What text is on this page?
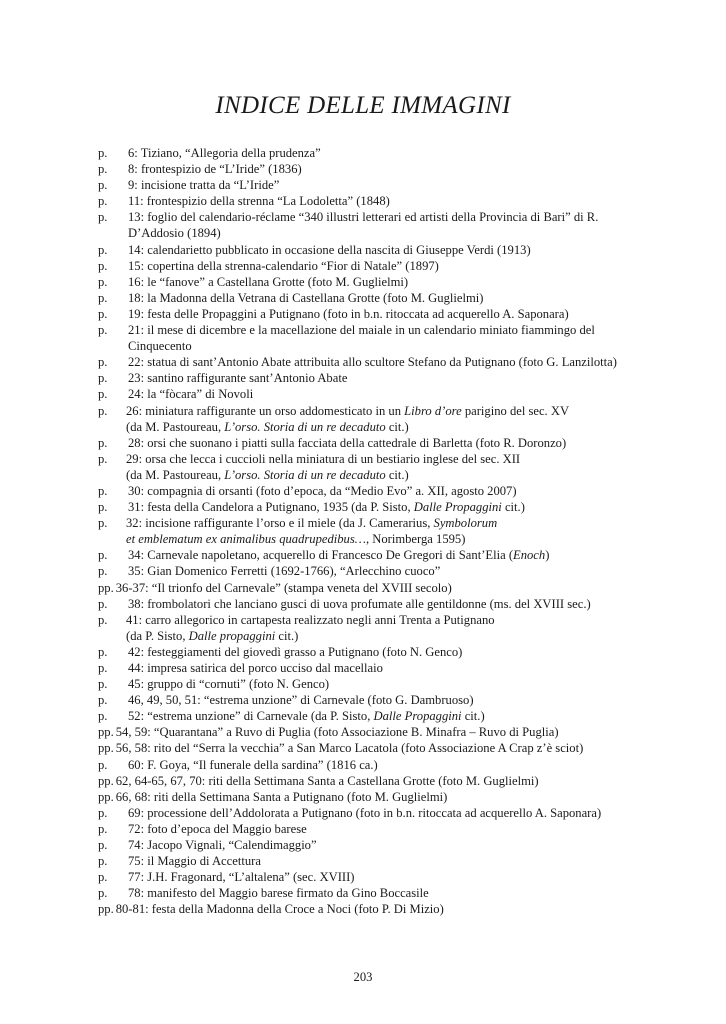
INDICE DELLE IMMAGINI
p.	6: Tiziano, “Allegoria della prudenza”
p.	8: frontespizio de “L’Iride” (1836)
p.	9: incisione tratta da “L’Iride”
p.	11: frontespizio della strenna “La Lodoletta” (1848)
p.	13: foglio del calendario-réclame “340 illustri letterari ed artisti della Provincia di Bari” di R. D’Addosio (1894)
p.	14: calendarietto pubblicato in occasione della nascita di Giuseppe Verdi (1913)
p.	15: copertina della strenna-calendario “Fior di Natale” (1897)
p.	16: le “fanove” a Castellana Grotte (foto M. Guglielmi)
p.	18: la Madonna della Vetrana di Castellana Grotte (foto M. Guglielmi)
p.	19: festa delle Propaggini a Putignano (foto in b.n. ritoccata ad acquerello A. Saponara)
p.	21: il mese di dicembre e la macellazione del maiale in un calendario miniato fiammingo del Cinquecento
p.	22: statua di sant’Antonio Abate attribuita allo scultore Stefano da Putignano (foto G. Lanzilotta)
p.	23: santino raffigurante sant’Antonio Abate
p.	24: la “fòcara” di Novoli
p.	26: miniatura raffigurante un orso addomesticato in un Libro d’ore parigino del sec. XV
(da M. Pastoureau, L’orso. Storia di un re decaduto cit.)
p.	28: orsi che suonano i piatti sulla facciata della cattedrale di Barletta (foto R. Doronzo)
p.	29: orsa che lecca i cuccioli nella miniatura di un bestiario inglese del sec. XII
(da M. Pastoureau, L’orso. Storia di un re decaduto cit.)
p.	30: compagnia di orsanti (foto d’epoca, da “Medio Evo” a. XII, agosto 2007)
p.	31: festa della Candelora a Putignano, 1935 (da P. Sisto, Dalle Propaggini cit.)
p.	32: incisione raffigurante l’orso e il miele (da J. Camerarius, Symbolorum
et emblematum ex animalibus quadrupedibus…, Norimberga 1595)
p.	34: Carnevale napoletano, acquerello di Francesco De Gregori di Sant’Elia (Enoch)
p.	35: Gian Domenico Ferretti (1692-1766), “Arlecchino cuoco”
pp. 36-37: “Il trionfo del Carnevale” (stampa veneta del XVIII secolo)
p.	38: frombolatori che lanciano gusci di uova profumate alle gentildonne (ms. del XVIII sec.)
p.	41: carro allegorico in cartapesta realizzato negli anni Trenta a Putignano
(da P. Sisto, Dalle propaggini cit.)
p.	42: festeggiamenti del giovedì grasso a Putignano (foto N. Genco)
p.	44: impresa satirica del porco ucciso dal macellaio
p.	45: gruppo di “cornuti” (foto N. Genco)
p.	46, 49, 50, 51: “estrema unzione” di Carnevale (foto G. Dambruoso)
p.	52: “estrema unzione” di Carnevale (da P. Sisto, Dalle Propaggini cit.)
pp. 54, 59: “Quarantana” a Ruvo di Puglia (foto Associazione B. Minafra – Ruvo di Puglia)
pp. 56, 58: rito del “Serra la vecchia” a San Marco Lacatola (foto Associazione A Crap z’è sciot)
p.	60: F. Goya, “Il funerale della sardina” (1816 ca.)
pp. 62, 64-65, 67, 70: riti della Settimana Santa a Castellana Grotte (foto M. Guglielmi)
pp. 66, 68: riti della Settimana Santa a Putignano (foto M. Guglielmi)
p.	69: processione dell’Addolorata a Putignano (foto in b.n. ritoccata ad acquerello A. Saponara)
p.	72: foto d’epoca del Maggio barese
p.	74: Jacopo Vignali, “Calendimaggio”
p.	75: il Maggio di Accettura
p.	77: J.H. Fragonard, “L’altalena” (sec. XVIII)
p.	78: manifesto del Maggio barese firmato da Gino Boccasile
pp. 80-81: festa della Madonna della Croce a Noci (foto P. Di Mizio)
203
